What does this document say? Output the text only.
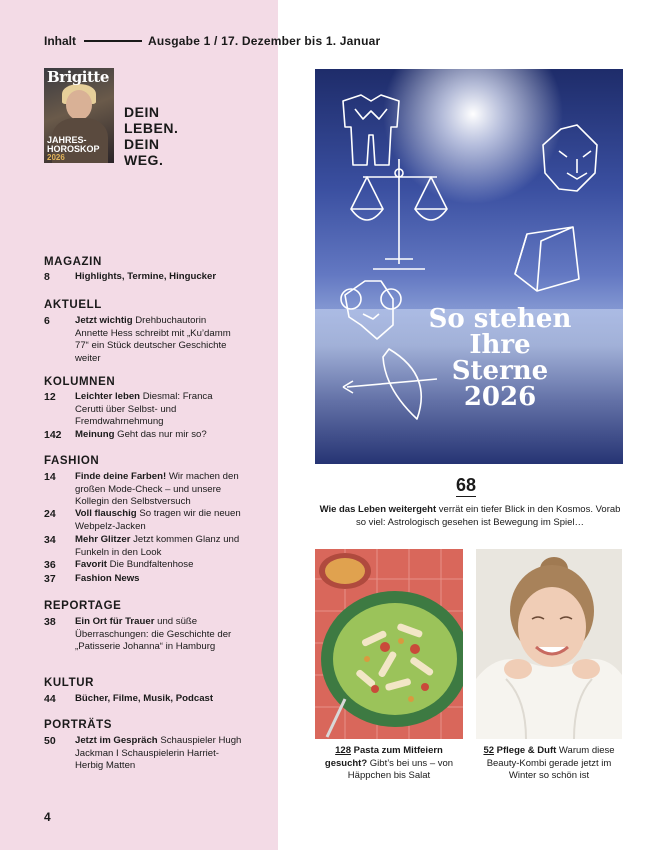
Inhalt	Ausgabe 1 / 17. Dezember bis 1. Januar
Brigitte
JAHRES-
HOROSKOP
2026
DEIN
LEBEN.
DEIN
WEG.
MAGAZIN
8	Highlights, Termine, Hingucker
AKTUELL
6	Jetzt wichtig Drehbuchautorin Annette Hess schreibt mit „Ku’damm 77“ ein Stück deutscher Geschichte weiter
KOLUMNEN
12	Leichter leben Diesmal: Franca Cerutti über Selbst- und Fremdwahrnehmung
142	Meinung Geht das nur mir so?
FASHION
14	Finde deine Farben! Wir machen den großen Mode-Check – und unsere Kollegin den Selbstversuch
24	Voll flauschig So tragen wir die neuen Webpelz-Jacken
34	Mehr Glitzer Jetzt kommen Glanz und Funkeln in den Look
36	Favorit Die Bundfaltenhose
37	Fashion News
REPORTAGE
38	Ein Ort für Trauer und süße Überraschungen: die Geschichte der „Patisserie Johanna“ in Hamburg
KULTUR
44	Bücher, Filme, Musik, Podcast
PORTRÄTS
50	Jetzt im Gespräch Schauspieler Hugh Jackman I Schauspielerin Harriet-Herbig Matten
4
So stehen
Ihre
Sterne
2026
68
Wie das Leben weitergeht verrät ein tiefer Blick in den Kosmos. Vorab so viel: Astrologisch gesehen ist Bewegung im Spiel…
128 Pasta zum Mitfeiern gesucht? Gibt’s bei uns – von Häppchen bis Salat
52 Pflege & Duft Warum diese Beauty-Kombi gerade jetzt im Winter so schön ist
